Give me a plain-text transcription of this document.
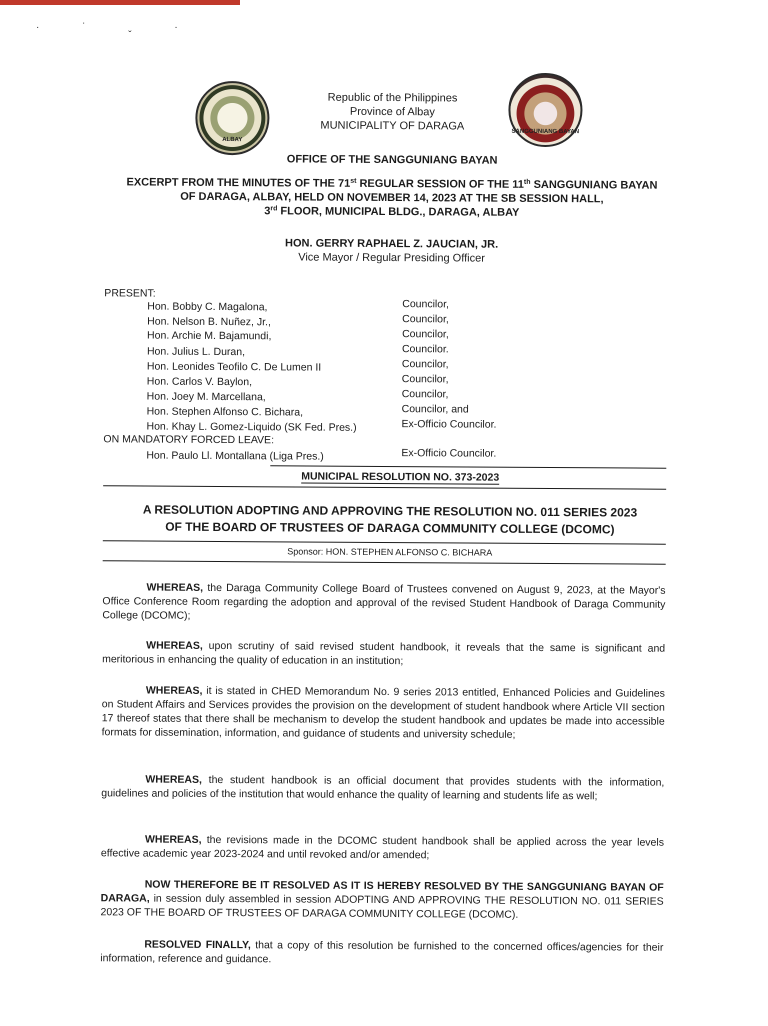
· ˈ ˬ ·
ALBAY
SANGGUNIANG BAYAN
Republic of the Philippines
Province of Albay
MUNICIPALITY OF DARAGA
OFFICE OF THE SANGGUNIANG BAYAN
EXCERPT FROM THE MINUTES OF THE 71st REGULAR SESSION OF THE 11th SANGGUNIANG BAYAN
OF DARAGA, ALBAY, HELD ON NOVEMBER 14, 2023 AT THE SB SESSION HALL,
3rd FLOOR, MUNICIPAL BLDG., DARAGA, ALBAY
HON. GERRY RAPHAEL Z. JAUCIAN, JR.
Vice Mayor / Regular Presiding Officer
PRESENT:
Hon. Bobby C. Magalona,	Councilor,
Hon. Nelson B. Nuñez, Jr.,	Councilor,
Hon. Archie M. Bajamundi,	Councilor,
Hon. Julius L. Duran,	Councilor.
Hon. Leonides Teofilo C. De Lumen II	Councilor,
Hon. Carlos V. Baylon,	Councilor,
Hon. Joey M. Marcellana,	Councilor,
Hon. Stephen Alfonso C. Bichara,	Councilor, and
Hon. Khay L. Gomez-Liquido (SK Fed. Pres.)	Ex-Officio Councilor.
ON MANDATORY FORCED LEAVE:
Hon. Paulo Ll. Montallana (Liga Pres.)	Ex-Officio Councilor.
MUNICIPAL RESOLUTION NO. 373-2023
A RESOLUTION ADOPTING AND APPROVING THE RESOLUTION NO. 011 SERIES 2023
OF THE BOARD OF TRUSTEES OF DARAGA COMMUNITY COLLEGE (DCOMC)
Sponsor: HON. STEPHEN ALFONSO C. BICHARA
WHEREAS, the Daraga Community College Board of Trustees convened on August 9, 2023, at the Mayor's Office Conference Room regarding the adoption and approval of the revised Student Handbook of Daraga Community College (DCOMC);
WHEREAS, upon scrutiny of said revised student handbook, it reveals that the same is significant and meritorious in enhancing the quality of education in an institution;
WHEREAS, it is stated in CHED Memorandum No. 9 series 2013 entitled, Enhanced Policies and Guidelines on Student Affairs and Services provides the provision on the development of student handbook where Article VII section 17 thereof states that there shall be mechanism to develop the student handbook and updates be made into accessible formats for dissemination, information, and guidance of students and university schedule;
WHEREAS, the student handbook is an official document that provides students with the information, guidelines and policies of the institution that would enhance the quality of learning and students life as well;
WHEREAS, the revisions made in the DCOMC student handbook shall be applied across the year levels effective academic year 2023-2024 and until revoked and/or amended;
NOW THEREFORE BE IT RESOLVED AS IT IS HEREBY RESOLVED BY THE SANGGUNIANG BAYAN OF DARAGA, in session duly assembled in session ADOPTING AND APPROVING THE RESOLUTION NO. 011 SERIES 2023 OF THE BOARD OF TRUSTEES OF DARAGA COMMUNITY COLLEGE (DCOMC).
RESOLVED FINALLY, that a copy of this resolution be furnished to the concerned offices/agencies for their information, reference and guidance.
